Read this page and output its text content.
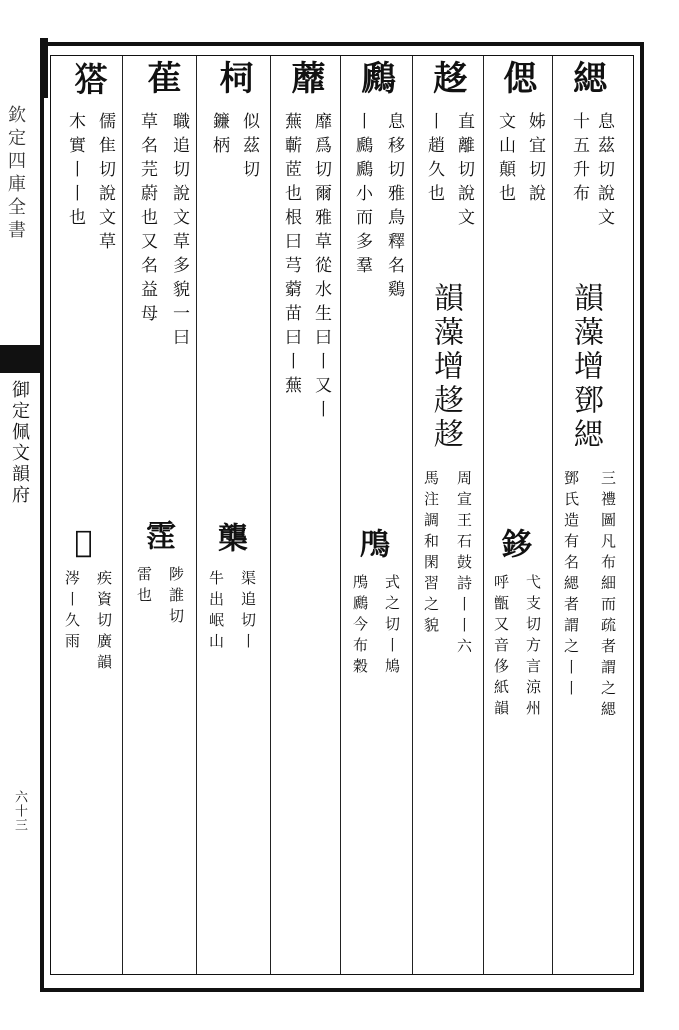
欽定四庫全書
御定佩文韻府
六十三
緦
息茲切說文
十五升布
韻藻增鄧緦
三禮圖凡布細而疏者謂之緦
鄧氏造有名緦者謂之丨丨
偲
姊宜切說
文山顛也
鉹
弋支切方言涼州
呼甑又音侈紙韻
趍
直離切說文
丨趙久也
韻藻增趍趍
周宣王石鼓詩丨丨六
馬注調和閑習之貌
鷉
息移切雅鳥釋名鷄
丨鷉鷉小而多羣
鳲
式之切丨鳩
鳲鷉今布穀
蘼
靡爲切爾雅草從水生曰丨又丨
蕪蘄茝也根曰芎藭苗曰丨蕪
柌
似茲切
鐮柄
㰍
渠追切丨
牛出岷山
萑
職追切說文草多貌一曰
草名芫蔚也又名益母
霔
陟誰切
雷也
𤠟
儒隹切說文草
木實丨丨也
𩅵
疾資切廣韻
涔丨久雨
